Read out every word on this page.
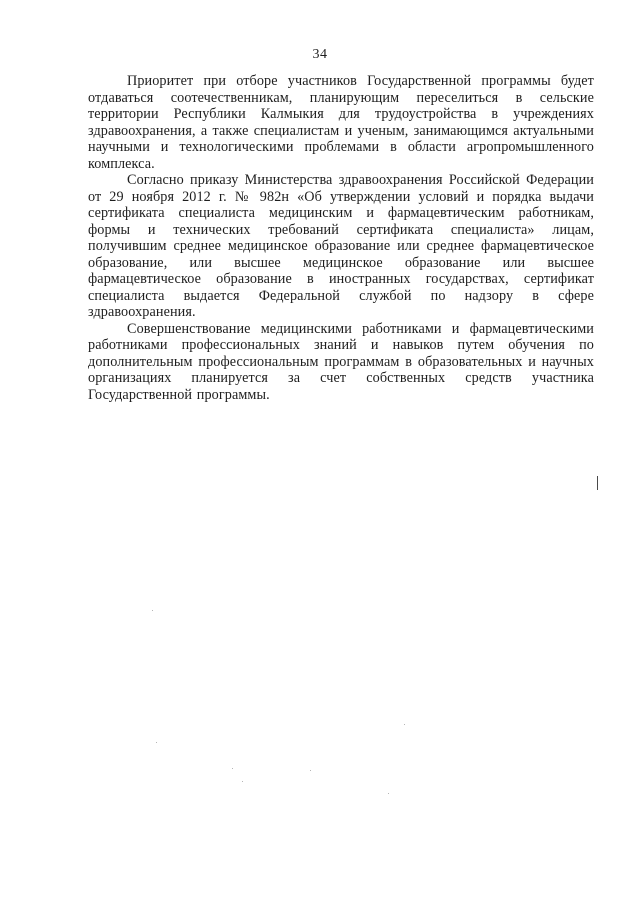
34

Приоритет при отборе участников Государственной программы будет отдаваться соотечественникам, планирующим переселиться в сельские территории Республики Калмыкия для трудоустройства в учреждениях здравоохранения, а также специалистам и ученым, занимающимся актуальными научными и технологическими проблемами в области агропромышленного комплекса.

Согласно приказу Министерства здравоохранения Российской Федерации от 29 ноября 2012 г. № 982н «Об утверждении условий и порядка выдачи сертификата специалиста медицинским и фармацевтическим работникам, формы и технических требований сертификата специалиста» лицам, получившим среднее медицинское образование или среднее фармацевтическое образование, или высшее медицинское образование или высшее фармацевтическое образование в иностранных государствах, сертификат специалиста выдается Федеральной службой по надзору в сфере здравоохранения.

Совершенствование медицинскими работниками и фармацевтическими работниками профессиональных знаний и навыков путем обучения по дополнительным профессиональным программам в образовательных и научных организациях планируется за счет собственных средств участника Государственной программы.
